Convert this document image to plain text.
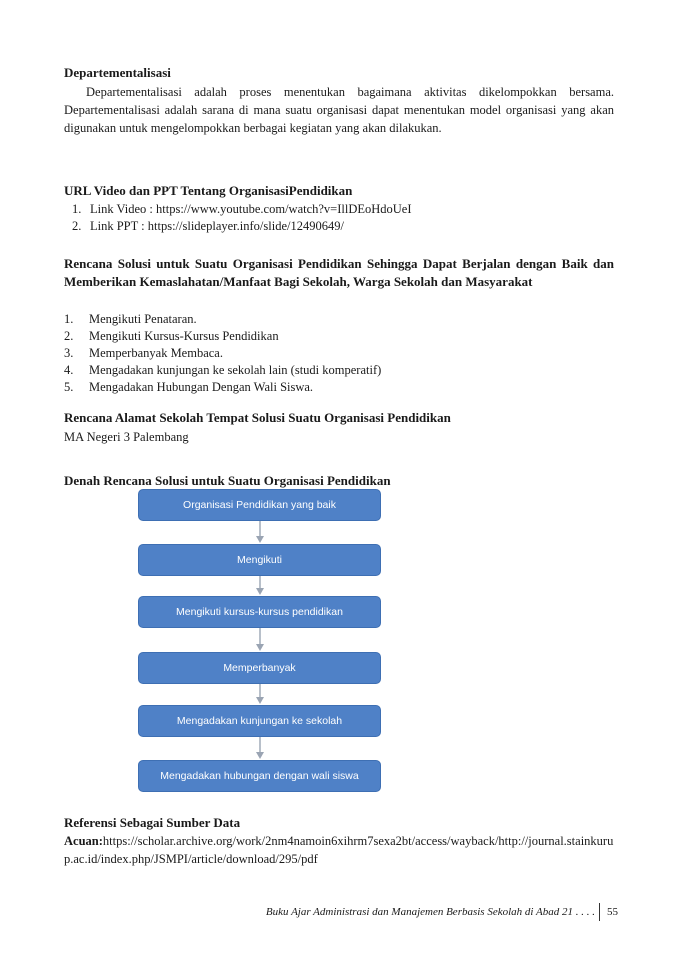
Departementalisasi
Departementalisasi adalah proses menentukan bagaimana aktivitas dikelompokkan bersama. Departementalisasi adalah sarana di mana suatu organisasi dapat menentukan model organisasi yang akan digunakan untuk mengelompokkan berbagai kegiatan yang akan dilakukan.
URL Video dan PPT Tentang OrganisasiPendidikan
1. Link Video : https://www.youtube.com/watch?v=IllDEoHdoUeI
2. Link PPT : https://slideplayer.info/slide/12490649/
Rencana Solusi untuk Suatu Organisasi Pendidikan Sehingga Dapat Berjalan dengan Baik dan Memberikan Kemaslahatan/Manfaat Bagi Sekolah, Warga Sekolah dan Masyarakat
1.	Mengikuti Penataran.
2.	Mengikuti Kursus-Kursus Pendidikan
3.	Memperbanyak Membaca.
4.	Mengadakan kunjungan ke sekolah lain (studi komperatif)
5.	Mengadakan Hubungan Dengan Wali Siswa.
Rencana Alamat Sekolah Tempat Solusi Suatu Organisasi Pendidikan
MA Negeri 3 Palembang
Denah Rencana Solusi untuk Suatu Organisasi Pendidikan
Organisasi Pendidikan yang baik
Mengikuti
Mengikuti kursus-kursus pendidikan
Memperbanyak
Mengadakan kunjungan ke sekolah
Mengadakan hubungan dengan wali siswa
Referensi Sebagai Sumber Data
Acuan:https://scholar.archive.org/work/2nm4namoin6xihrm7sexa2bt/access/wayback/http://journal.stainkurup.ac.id/index.php/JSMPI/article/download/295/pdf
Buku Ajar Administrasi dan Manajemen Berbasis Sekolah di Abad 21 . . . . 55
